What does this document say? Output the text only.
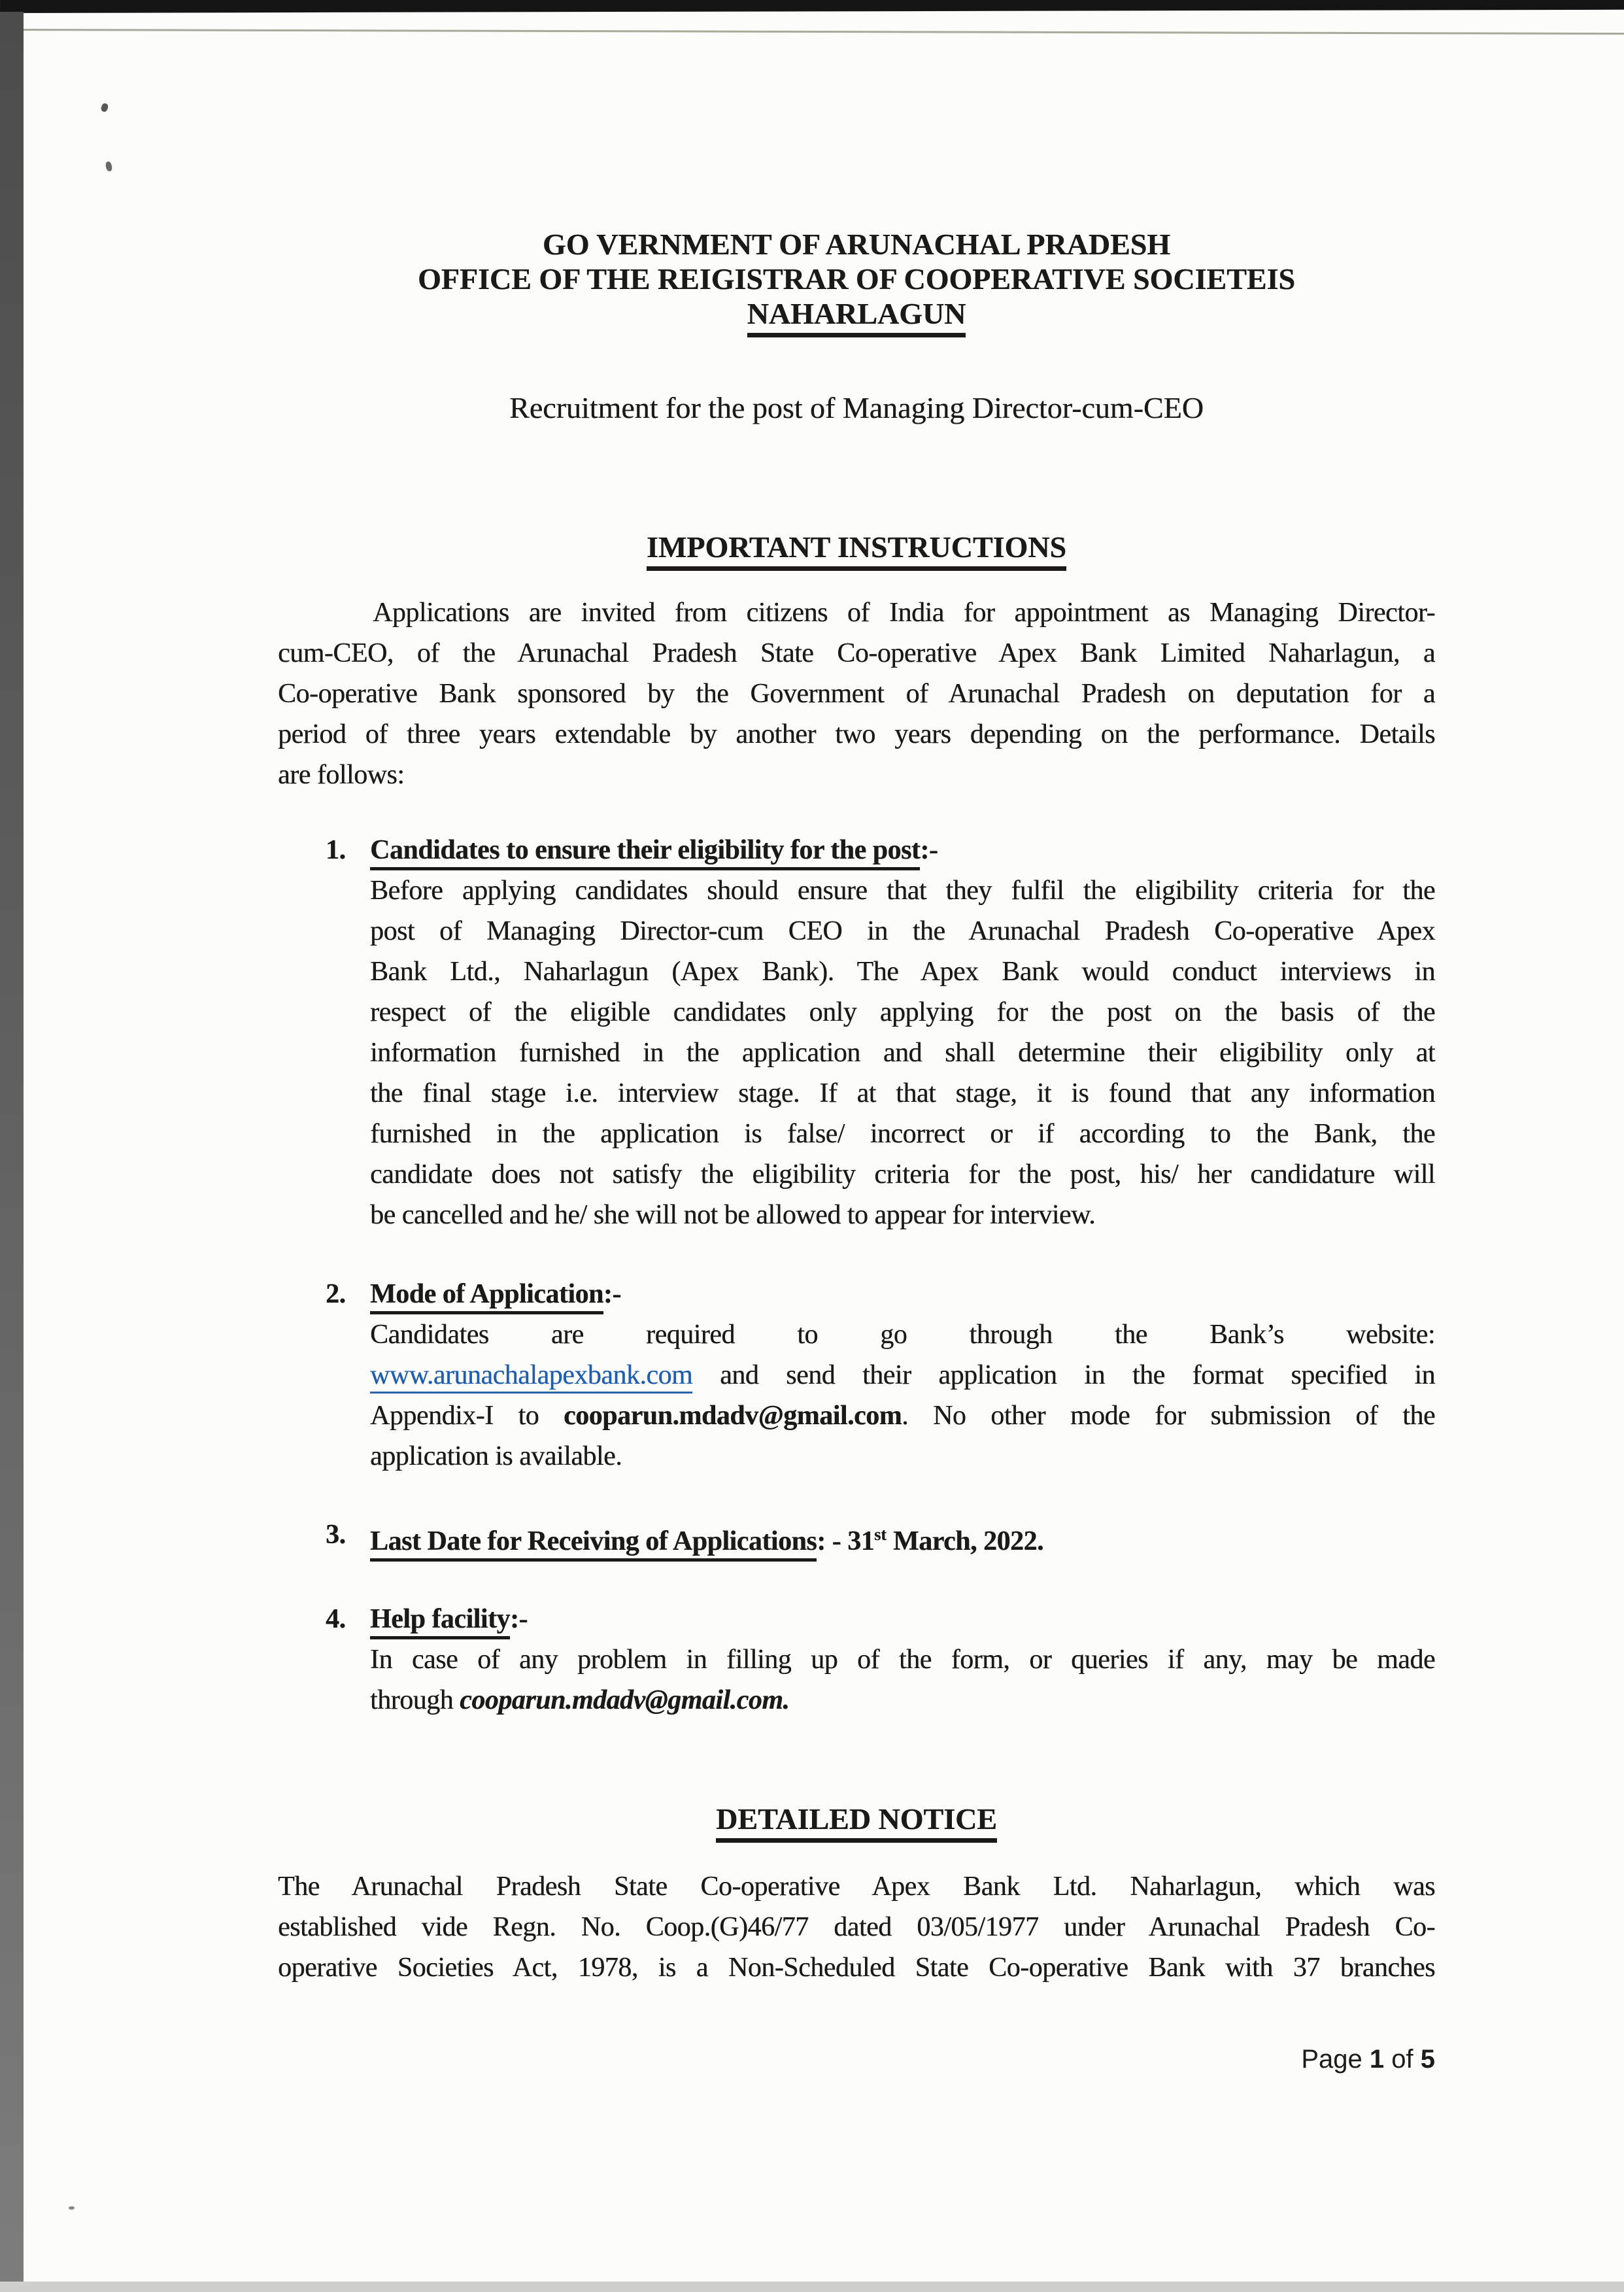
GO VERNMENT OF ARUNACHAL PRADESH
OFFICE OF THE REIGISTRAR OF COOPERATIVE SOCIETEIS
NAHARLAGUN
Recruitment for the post of Managing Director-cum-CEO
IMPORTANT INSTRUCTIONS
Applications are invited from citizens of India for appointment as Managing Director-
cum-CEO, of the Arunachal Pradesh State Co-operative Apex Bank Limited Naharlagun, a
Co-operative Bank sponsored by the Government of Arunachal Pradesh on deputation for a
period of three years extendable by another two years depending on the performance. Details
are follows:
1. Candidates to ensure their eligibility for the post:-
Before applying candidates should ensure that they fulfil the eligibility criteria for the
post of Managing Director-cum CEO in the Arunachal Pradesh Co-operative Apex
Bank Ltd., Naharlagun (Apex Bank). The Apex Bank would conduct interviews in
respect of the eligible candidates only applying for the post on the basis of the
information furnished in the application and shall determine their eligibility only at
the final stage i.e. interview stage. If at that stage, it is found that any information
furnished in the application is false/ incorrect or if according to the Bank, the
candidate does not satisfy the eligibility criteria for the post, his/ her candidature will
be cancelled and he/ she will not be allowed to appear for interview.
2. Mode of Application:-
Candidates are required to go through the Bank’s website:
www.arunachalapexbank.com and send their application in the format specified in
Appendix-I to cooparun.mdadv@gmail.com. No other mode for submission of the
application is available.
3. Last Date for Receiving of Applications: - 31st March, 2022.
4. Help facility:-
In case of any problem in filling up of the form, or queries if any, may be made
through cooparun.mdadv@gmail.com.
DETAILED NOTICE
The Arunachal Pradesh State Co-operative Apex Bank Ltd. Naharlagun, which was
established vide Regn. No. Coop.(G)46/77 dated 03/05/1977 under Arunachal Pradesh Co-
operative Societies Act, 1978, is a Non-Scheduled State Co-operative Bank with 37 branches
Page 1 of 5
